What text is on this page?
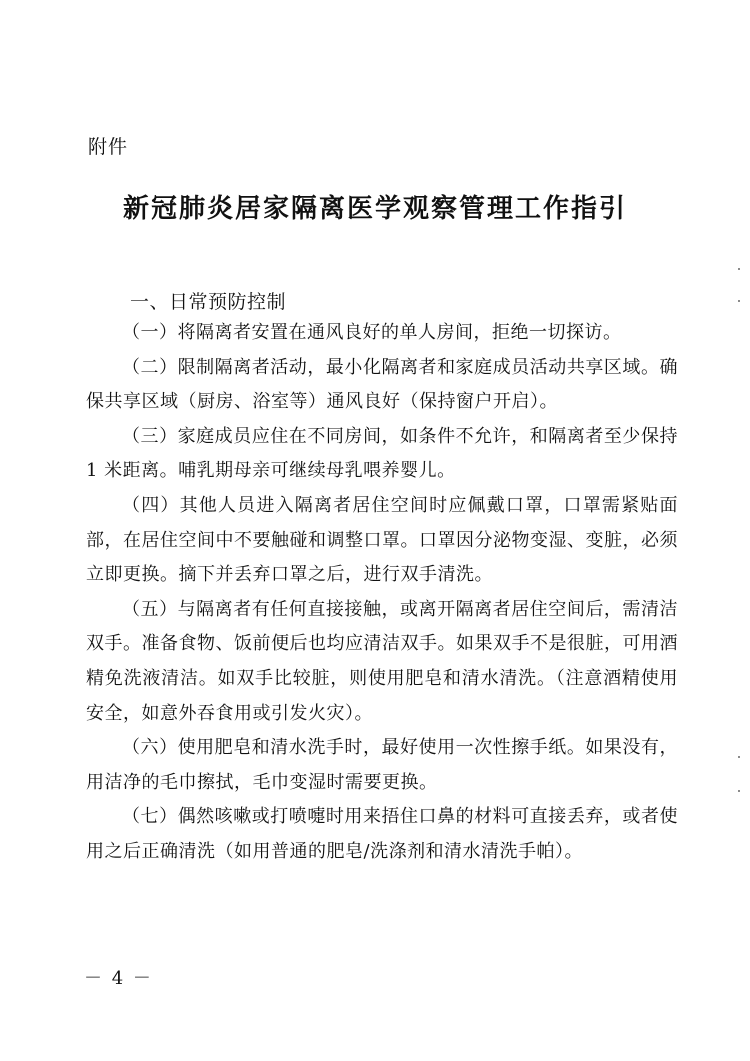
附件
新冠肺炎居家隔离医学观察管理工作指引
一、日常预防控制

（一）将隔离者安置在通风良好的单人房间，拒绝一切探访。

（二）限制隔离者活动，最小化隔离者和家庭成员活动共享区域。确保共享区域（厨房、浴室等）通风良好（保持窗户开启）。

（三）家庭成员应住在不同房间，如条件不允许，和隔离者至少保持 1 米距离。哺乳期母亲可继续母乳喂养婴儿。

（四）其他人员进入隔离者居住空间时应佩戴口罩，口罩需紧贴面部，在居住空间中不要触碰和调整口罩。口罩因分泌物变湿、变脏，必须立即更换。摘下并丢弃口罩之后，进行双手清洗。

（五）与隔离者有任何直接接触，或离开隔离者居住空间后，需清洁双手。准备食物、饭前便后也均应清洁双手。如果双手不是很脏，可用酒精免洗液清洁。如双手比较脏，则使用肥皂和清水清洗。（注意酒精使用安全，如意外吞食用或引发火灾）。

（六）使用肥皂和清水洗手时，最好使用一次性擦手纸。如果没有，用洁净的毛巾擦拭，毛巾变湿时需要更换。

（七）偶然咳嗽或打喷嚏时用来捂住口鼻的材料可直接丢弃，或者使用之后正确清洗（如用普通的肥皂/洗涤剂和清水清洗手帕）。

－ 4 －
